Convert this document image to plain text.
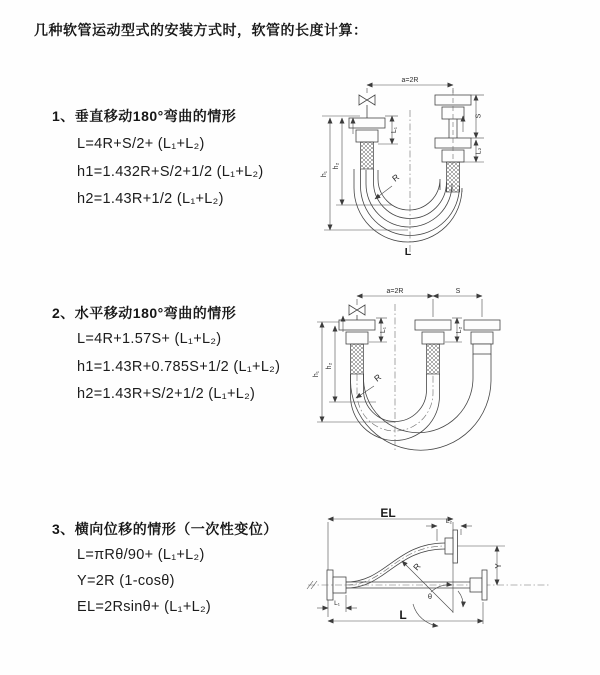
几种软管运动型式的安装方式时，软管的长度计算：
1、垂直移动180°弯曲的情形
L=4R+S/2+ (L₁+L₂)
h1=1.432R+S/2+1/2 (L₁+L₂)
h2=1.43R+1/2 (L₁+L₂)
2、水平移动180°弯曲的情形
L=4R+1.57S+ (L₁+L₂)
h1=1.43R+0.785S+1/2 (L₁+L₂)
h2=1.43R+S/2+1/2 (L₁+L₂)
3、横向位移的情形（一次性变位）
L=πRθ/90+ (L₁+L₂)
Y=2R (1-cosθ)
EL=2Rsinθ+ (L₁+L₂)
a=2R
L₁
S
L₂
h₁
h₂
R
L
a=2R	S
L₁	L₂
h₁
h₂
R
EL
L₂
Y
R
θ
L
L₁
